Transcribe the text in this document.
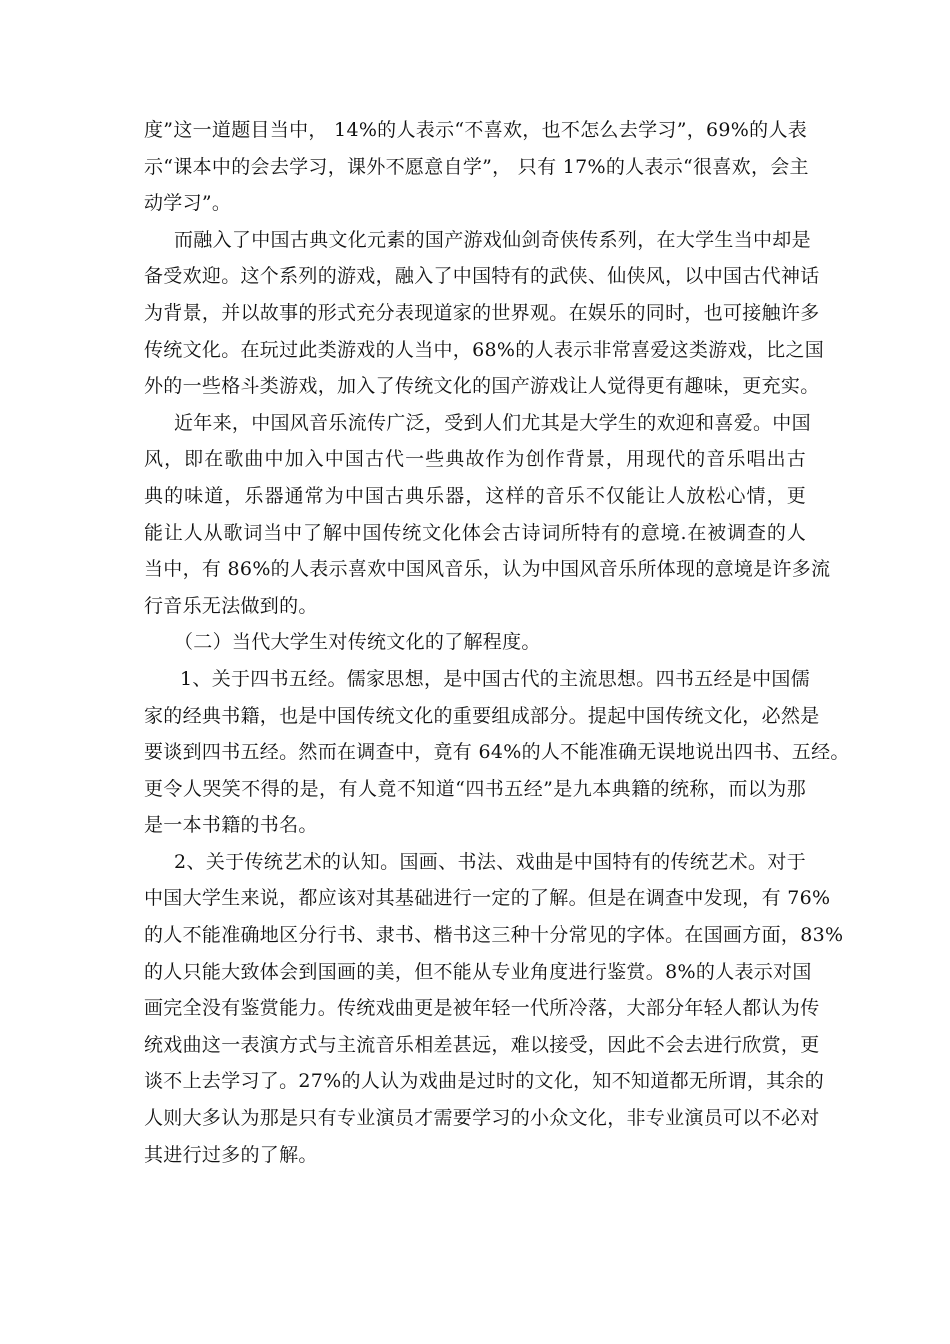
度”这一道题目当中， 14%的人表示“不喜欢，也不怎么去学习”，69%的人表
示“课本中的会去学习，课外不愿意自学”， 只有 17%的人表示“很喜欢，会主
动学习”。
而融入了中国古典文化元素的国产游戏仙剑奇侠传系列，在大学生当中却是
备受欢迎。这个系列的游戏，融入了中国特有的武侠、仙侠风，以中国古代神话
为背景，并以故事的形式充分表现道家的世界观。在娱乐的同时，也可接触许多
传统文化。在玩过此类游戏的人当中，68%的人表示非常喜爱这类游戏，比之国
外的一些格斗类游戏，加入了传统文化的国产游戏让人觉得更有趣味，更充实。
近年来，中国风音乐流传广泛，受到人们尤其是大学生的欢迎和喜爱。中国
风，即在歌曲中加入中国古代一些典故作为创作背景，用现代的音乐唱出古
典的味道，乐器通常为中国古典乐器，这样的音乐不仅能让人放松心情，更
能让人从歌词当中了解中国传统文化体会古诗词所特有的意境.在被调查的人
当中，有 86%的人表示喜欢中国风音乐，认为中国风音乐所体现的意境是许多流
行音乐无法做到的。
（二）当代大学生对传统文化的了解程度。
1、关于四书五经。儒家思想，是中国古代的主流思想。四书五经是中国儒
家的经典书籍，也是中国传统文化的重要组成部分。提起中国传统文化，必然是
要谈到四书五经。然而在调查中，竟有 64%的人不能准确无误地说出四书、五经。
更令人哭笑不得的是，有人竟不知道“四书五经”是九本典籍的统称，而以为那
是一本书籍的书名。
2、关于传统艺术的认知。国画、书法、戏曲是中国特有的传统艺术。对于
中国大学生来说，都应该对其基础进行一定的了解。但是在调查中发现，有 76%
的人不能准确地区分行书、隶书、楷书这三种十分常见的字体。在国画方面，83%
的人只能大致体会到国画的美，但不能从专业角度进行鉴赏。8%的人表示对国
画完全没有鉴赏能力。传统戏曲更是被年轻一代所冷落，大部分年轻人都认为传
统戏曲这一表演方式与主流音乐相差甚远，难以接受，因此不会去进行欣赏，更
谈不上去学习了。27%的人认为戏曲是过时的文化，知不知道都无所谓，其余的
人则大多认为那是只有专业演员才需要学习的小众文化，非专业演员可以不必对
其进行过多的了解。
